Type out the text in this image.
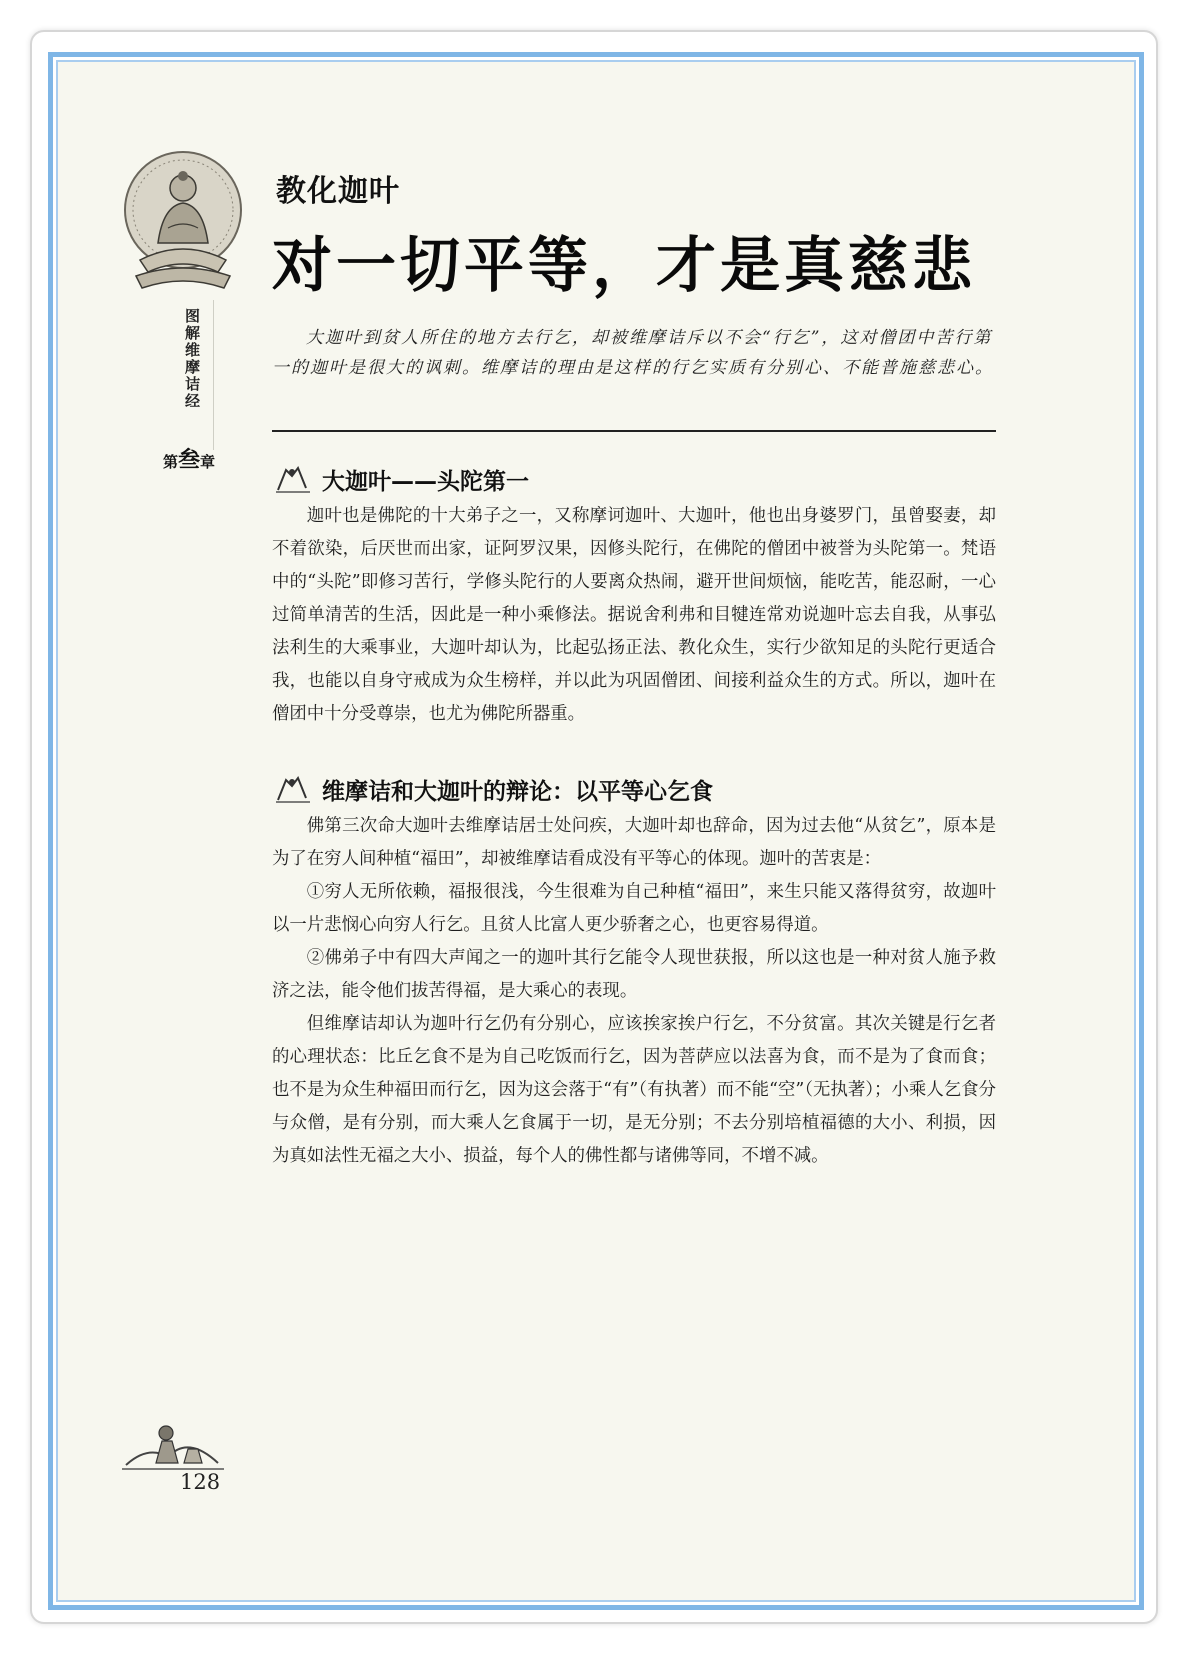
图解维摩诘经
第叁章
教化迦叶
对一切平等，才是真慈悲
大迦叶到贫人所住的地方去行乞，却被维摩诘斥以不会“行乞”，这对僧团中苦行第一的迦叶是很大的讽刺。维摩诘的理由是这样的行乞实质有分别心、不能普施慈悲心。
大迦叶——头陀第一

迦叶也是佛陀的十大弟子之一，又称摩诃迦叶、大迦叶，他也出身婆罗门，虽曾娶妻，却不着欲染，后厌世而出家，证阿罗汉果，因修头陀行，在佛陀的僧团中被誉为头陀第一。梵语中的“头陀”即修习苦行，学修头陀行的人要离众热闹，避开世间烦恼，能吃苦，能忍耐，一心过简单清苦的生活，因此是一种小乘修法。据说舍利弗和目犍连常劝说迦叶忘去自我，从事弘法利生的大乘事业，大迦叶却认为，比起弘扬正法、教化众生，实行少欲知足的头陀行更适合我，也能以自身守戒成为众生榜样，并以此为巩固僧团、间接利益众生的方式。所以，迦叶在僧团中十分受尊崇，也尤为佛陀所器重。

维摩诘和大迦叶的辩论：以平等心乞食

佛第三次命大迦叶去维摩诘居士处问疾，大迦叶却也辞命，因为过去他“从贫乞”，原本是为了在穷人间种植“福田”，却被维摩诘看成没有平等心的体现。迦叶的苦衷是：

①穷人无所依赖，福报很浅，今生很难为自己种植“福田”，来生只能又落得贫穷，故迦叶以一片悲悯心向穷人行乞。且贫人比富人更少骄奢之心，也更容易得道。

②佛弟子中有四大声闻之一的迦叶其行乞能令人现世获报，所以这也是一种对贫人施予救济之法，能令他们拔苦得福，是大乘心的表现。

但维摩诘却认为迦叶行乞仍有分别心，应该挨家挨户行乞，不分贫富。其次关键是行乞者的心理状态：比丘乞食不是为自己吃饭而行乞，因为菩萨应以法喜为食，而不是为了食而食；也不是为众生种福田而行乞，因为这会落于“有”（有执著）而不能“空”（无执著）；小乘人乞食分与众僧，是有分别，而大乘人乞食属于一切，是无分别；不去分别培植福德的大小、利损，因为真如法性无福之大小、损益，每个人的佛性都与诸佛等同，不增不减。

128
